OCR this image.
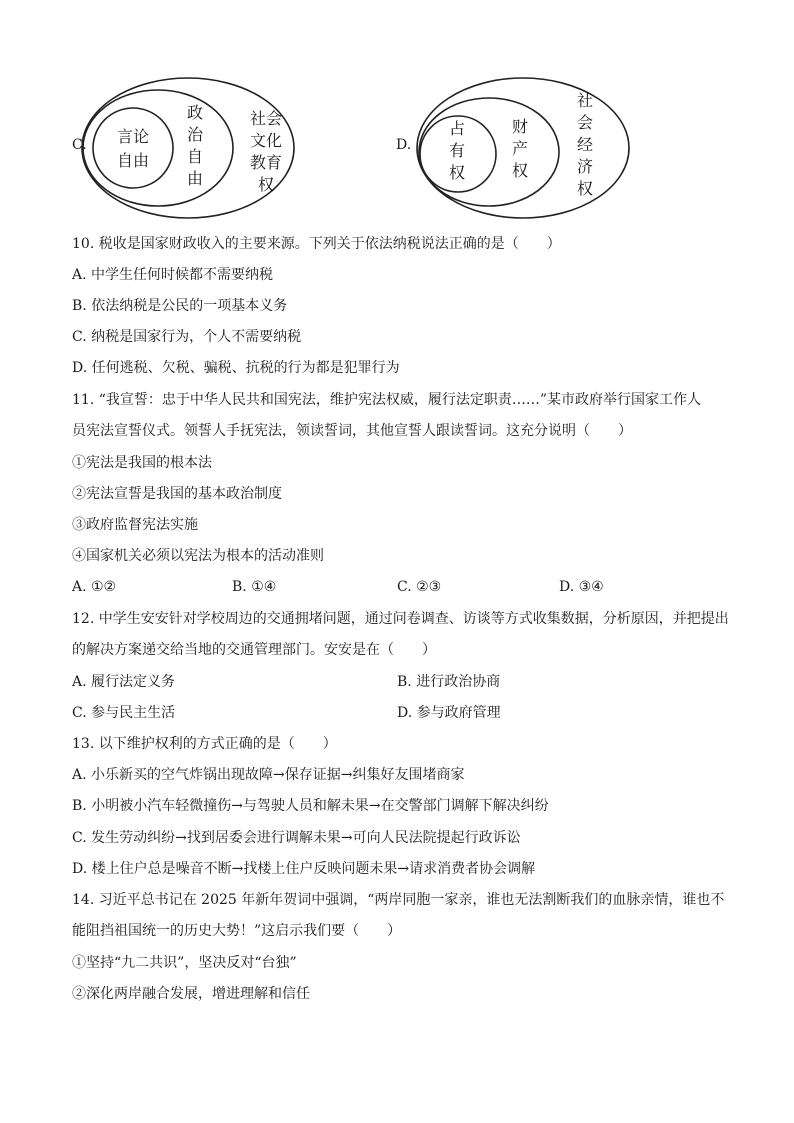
C. 言论
自由
政
治
自
由
社会
文化
教育
权
D.
占
有
权
财
产
权
社
会
经
济
权
10. 税收是国家财政收入的主要来源。下列关于依法纳税说法正确的是（　　）
A. 中学生任何时候都不需要纳税
B. 依法纳税是公民的一项基本义务
C. 纳税是国家行为，个人不需要纳税
D. 任何逃税、欠税、骗税、抗税的行为都是犯罪行为
11. “我宣誓：忠于中华人民共和国宪法，维护宪法权威，履行法定职责……”某市政府举行国家工作人
员宪法宣誓仪式。领誓人手抚宪法，领读誓词，其他宣誓人跟读誓词。这充分说明（　　）
①宪法是我国的根本法
②宪法宣誓是我国的基本政治制度
③政府监督宪法实施
④国家机关必须以宪法为根本的活动准则
A. ①②	B. ①④	C. ②③	D. ③④
12. 中学生安安针对学校周边的交通拥堵问题，通过问卷调查、访谈等方式收集数据，分析原因，并把提出
的解决方案递交给当地的交通管理部门。安安是在（　　）
A. 履行法定义务	B. 进行政治协商
C. 参与民主生活	D. 参与政府管理
13. 以下维护权利的方式正确的是（　　）
A. 小乐新买的空气炸锅出现故障→保存证据→纠集好友围堵商家
B. 小明被小汽车轻微撞伤→与驾驶人员和解未果→在交警部门调解下解决纠纷
C. 发生劳动纠纷→找到居委会进行调解未果→可向人民法院提起行政诉讼
D. 楼上住户总是噪音不断→找楼上住户反映问题未果→请求消费者协会调解
14. 习近平总书记在 2025 年新年贺词中强调，“两岸同胞一家亲，谁也无法割断我们的血脉亲情，谁也不
能阻挡祖国统一的历史大势！”这启示我们要（　　）
①坚持“九二共识”，坚决反对“台独”
②深化两岸融合发展，增进理解和信任
